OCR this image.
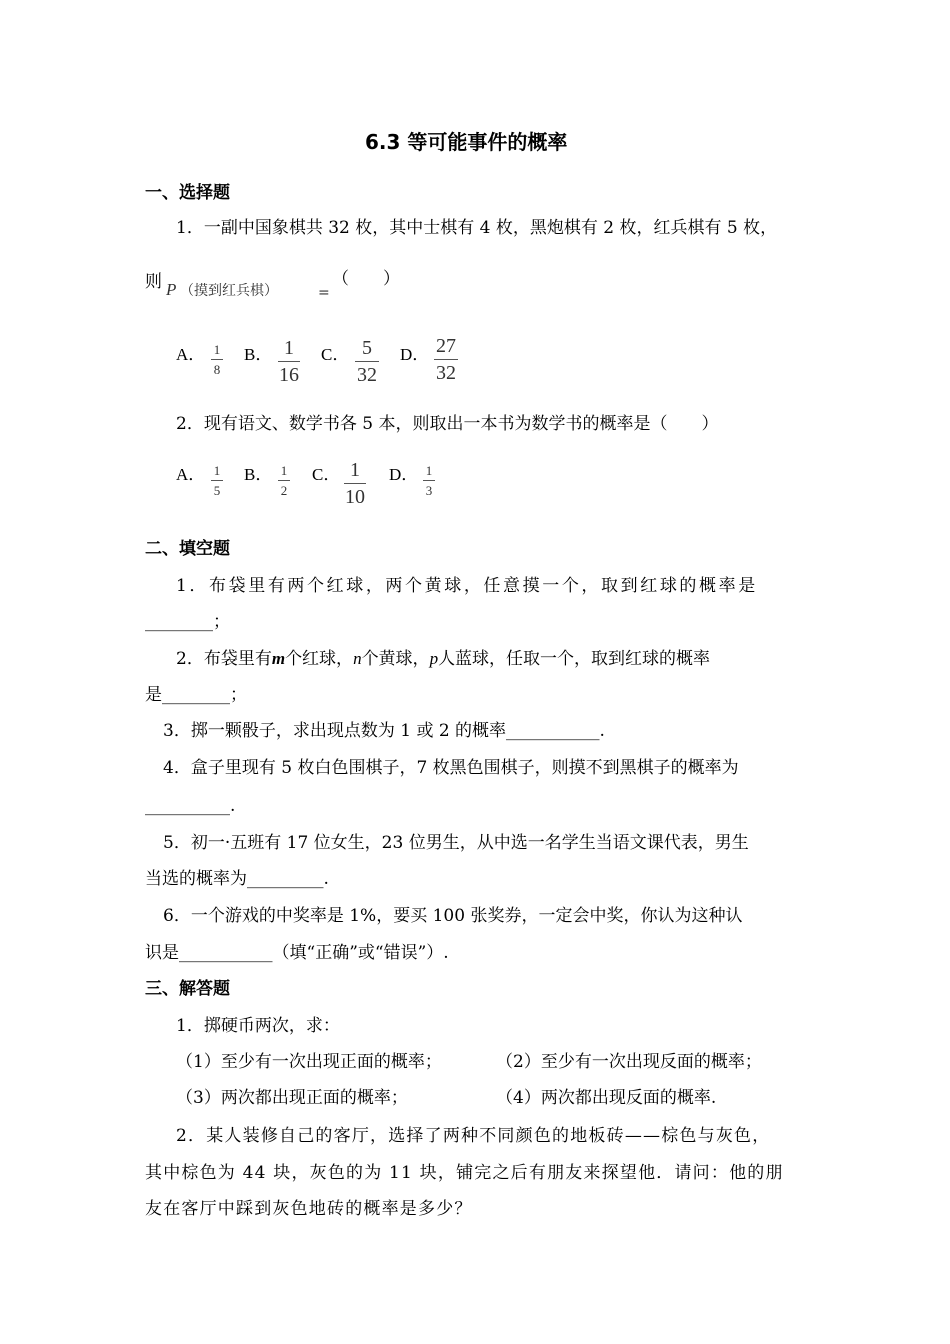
6.3 等可能事件的概率
一、选择题
1．一副中国象棋共 32 枚，其中士棋有 4 枚，黑炮棋有 2 枚，红兵棋有 5 枚，
则 P （摸到红兵棋）	=
（　　）
A． 1
8
B． 1
16
C． 5
32
D． 27
32
2．现有语文、数学书各 5 本，则取出一本书为数学书的概率是（　　）
A． 1
5
B． 1
2
C． 1
10
D． 1
3
二、填空题
1．布袋里有两个红球，两个黄球，任意摸一个，取到红球的概率是
________；
2．布袋里有m个红球，n个黄球，p人蓝球，任取一个，取到红球的概率
是________；
3．掷一颗骰子，求出现点数为 1 或 2 的概率___________.
4．盒子里现有 5 枚白色围棋子，7 枚黑色围棋子，则摸不到黑棋子的概率为
__________.
5．初一·五班有 17 位女生，23 位男生，从中选一名学生当语文课代表，男生
当选的概率为_________.
6．一个游戏的中奖率是 1%，要买 100 张奖券，一定会中奖，你认为这种认
识是___________（填“正确”或“错误”）.
三、解答题
1．掷硬币两次，求：
（1）至少有一次出现正面的概率；	（2）至少有一次出现反面的概率；
（3）两次都出现正面的概率；	（4）两次都出现反面的概率.
2．某人装修自己的客厅，选择了两种不同颜色的地板砖——棕色与灰色，
其中棕色为 44 块，灰色的为 11 块，铺完之后有朋友来探望他．请问：他的朋
友在客厅中踩到灰色地砖的概率是多少？
